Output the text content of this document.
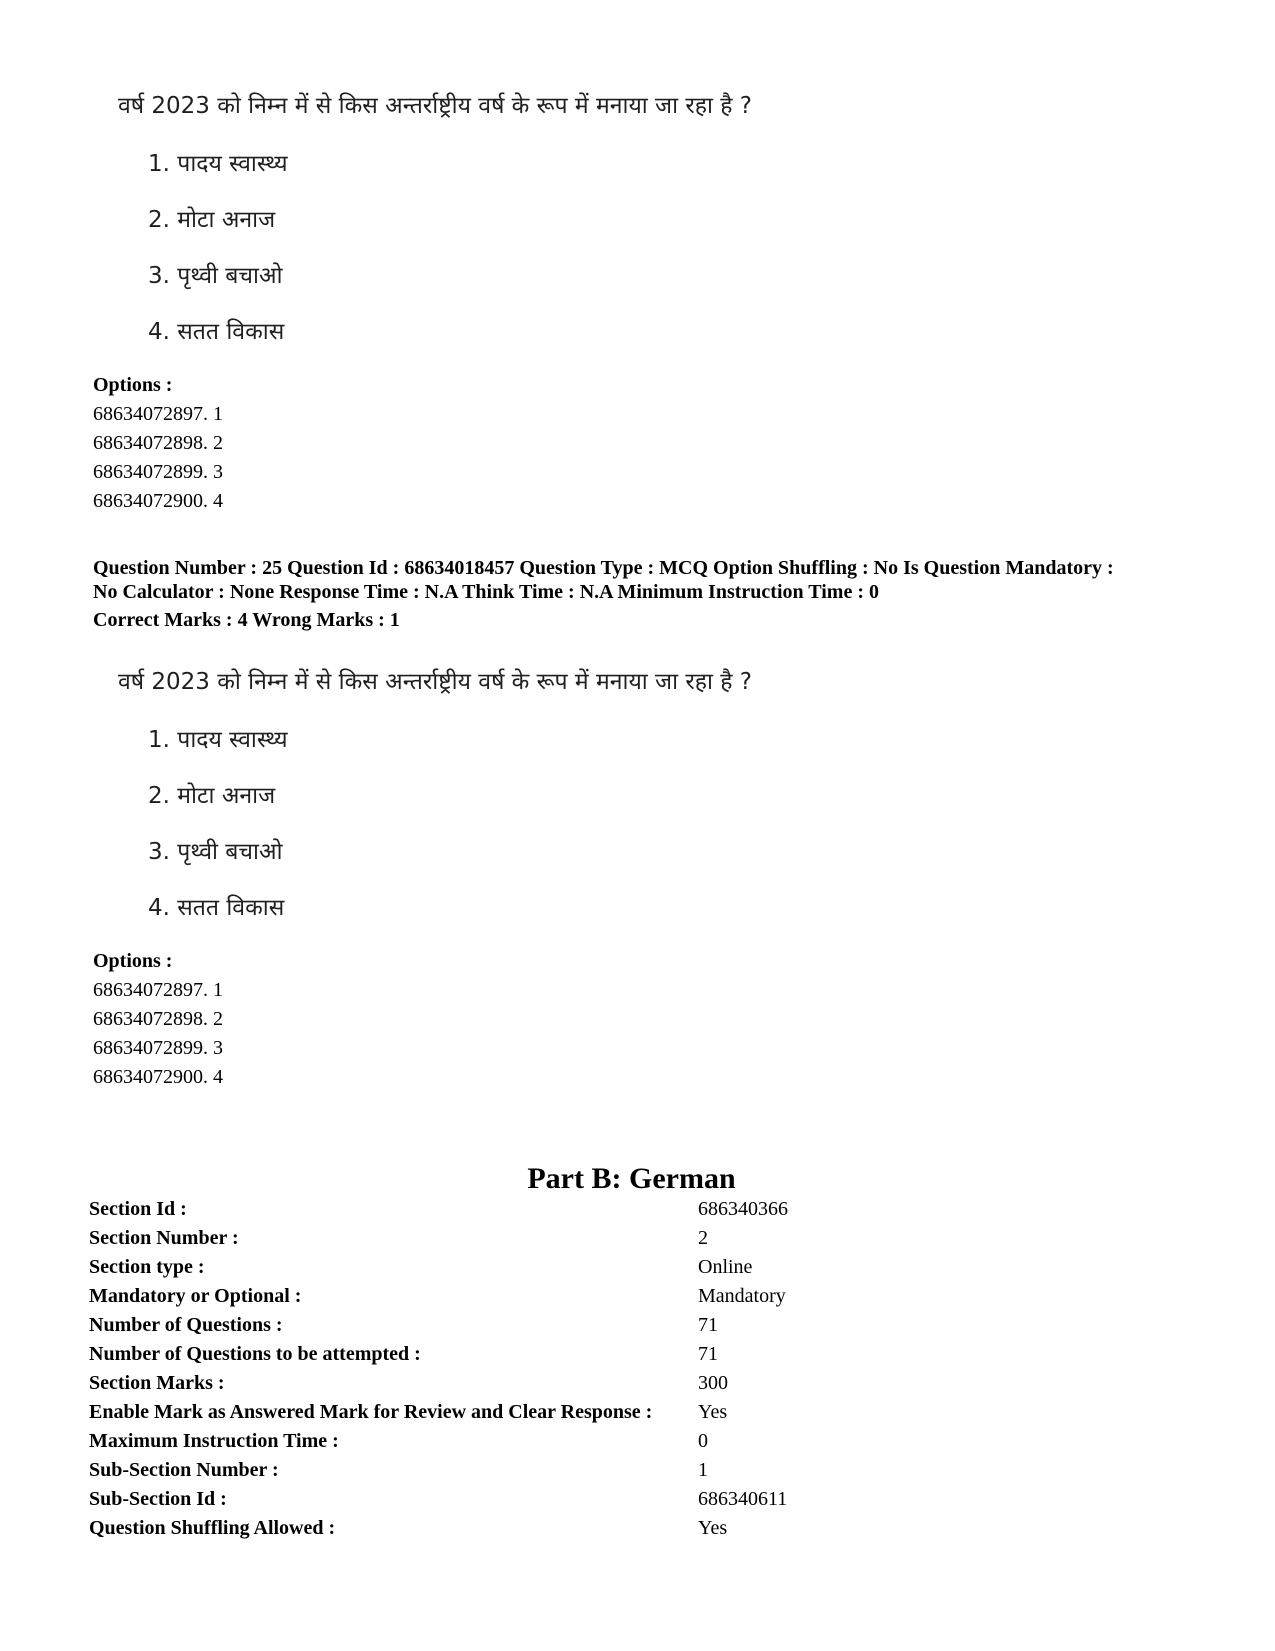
वर्ष 2023 को निम्न में से किस अन्तर्राष्ट्रीय वर्ष के रूप में मनाया जा रहा है ?
1. पादय स्वास्थ्य
2. मोटा अनाज
3. पृथ्वी बचाओ
4. सतत विकास
Options :
68634072897. 1
68634072898. 2
68634072899. 3
68634072900. 4
Question Number : 25 Question Id : 68634018457 Question Type : MCQ Option Shuffling : No Is Question Mandatory :
No Calculator : None Response Time : N.A Think Time : N.A Minimum Instruction Time : 0
Correct Marks : 4 Wrong Marks : 1
वर्ष 2023 को निम्न में से किस अन्तर्राष्ट्रीय वर्ष के रूप में मनाया जा रहा है ?
1. पादय स्वास्थ्य
2. मोटा अनाज
3. पृथ्वी बचाओ
4. सतत विकास
Options :
68634072897. 1
68634072898. 2
68634072899. 3
68634072900. 4
Part B: German
Section Id :	686340366
Section Number :	2
Section type :	Online
Mandatory or Optional :	Mandatory
Number of Questions :	71
Number of Questions to be attempted :	71
Section Marks :	300
Enable Mark as Answered Mark for Review and Clear Response :	Yes
Maximum Instruction Time :	0
Sub-Section Number :	1
Sub-Section Id :	686340611
Question Shuffling Allowed :	Yes
